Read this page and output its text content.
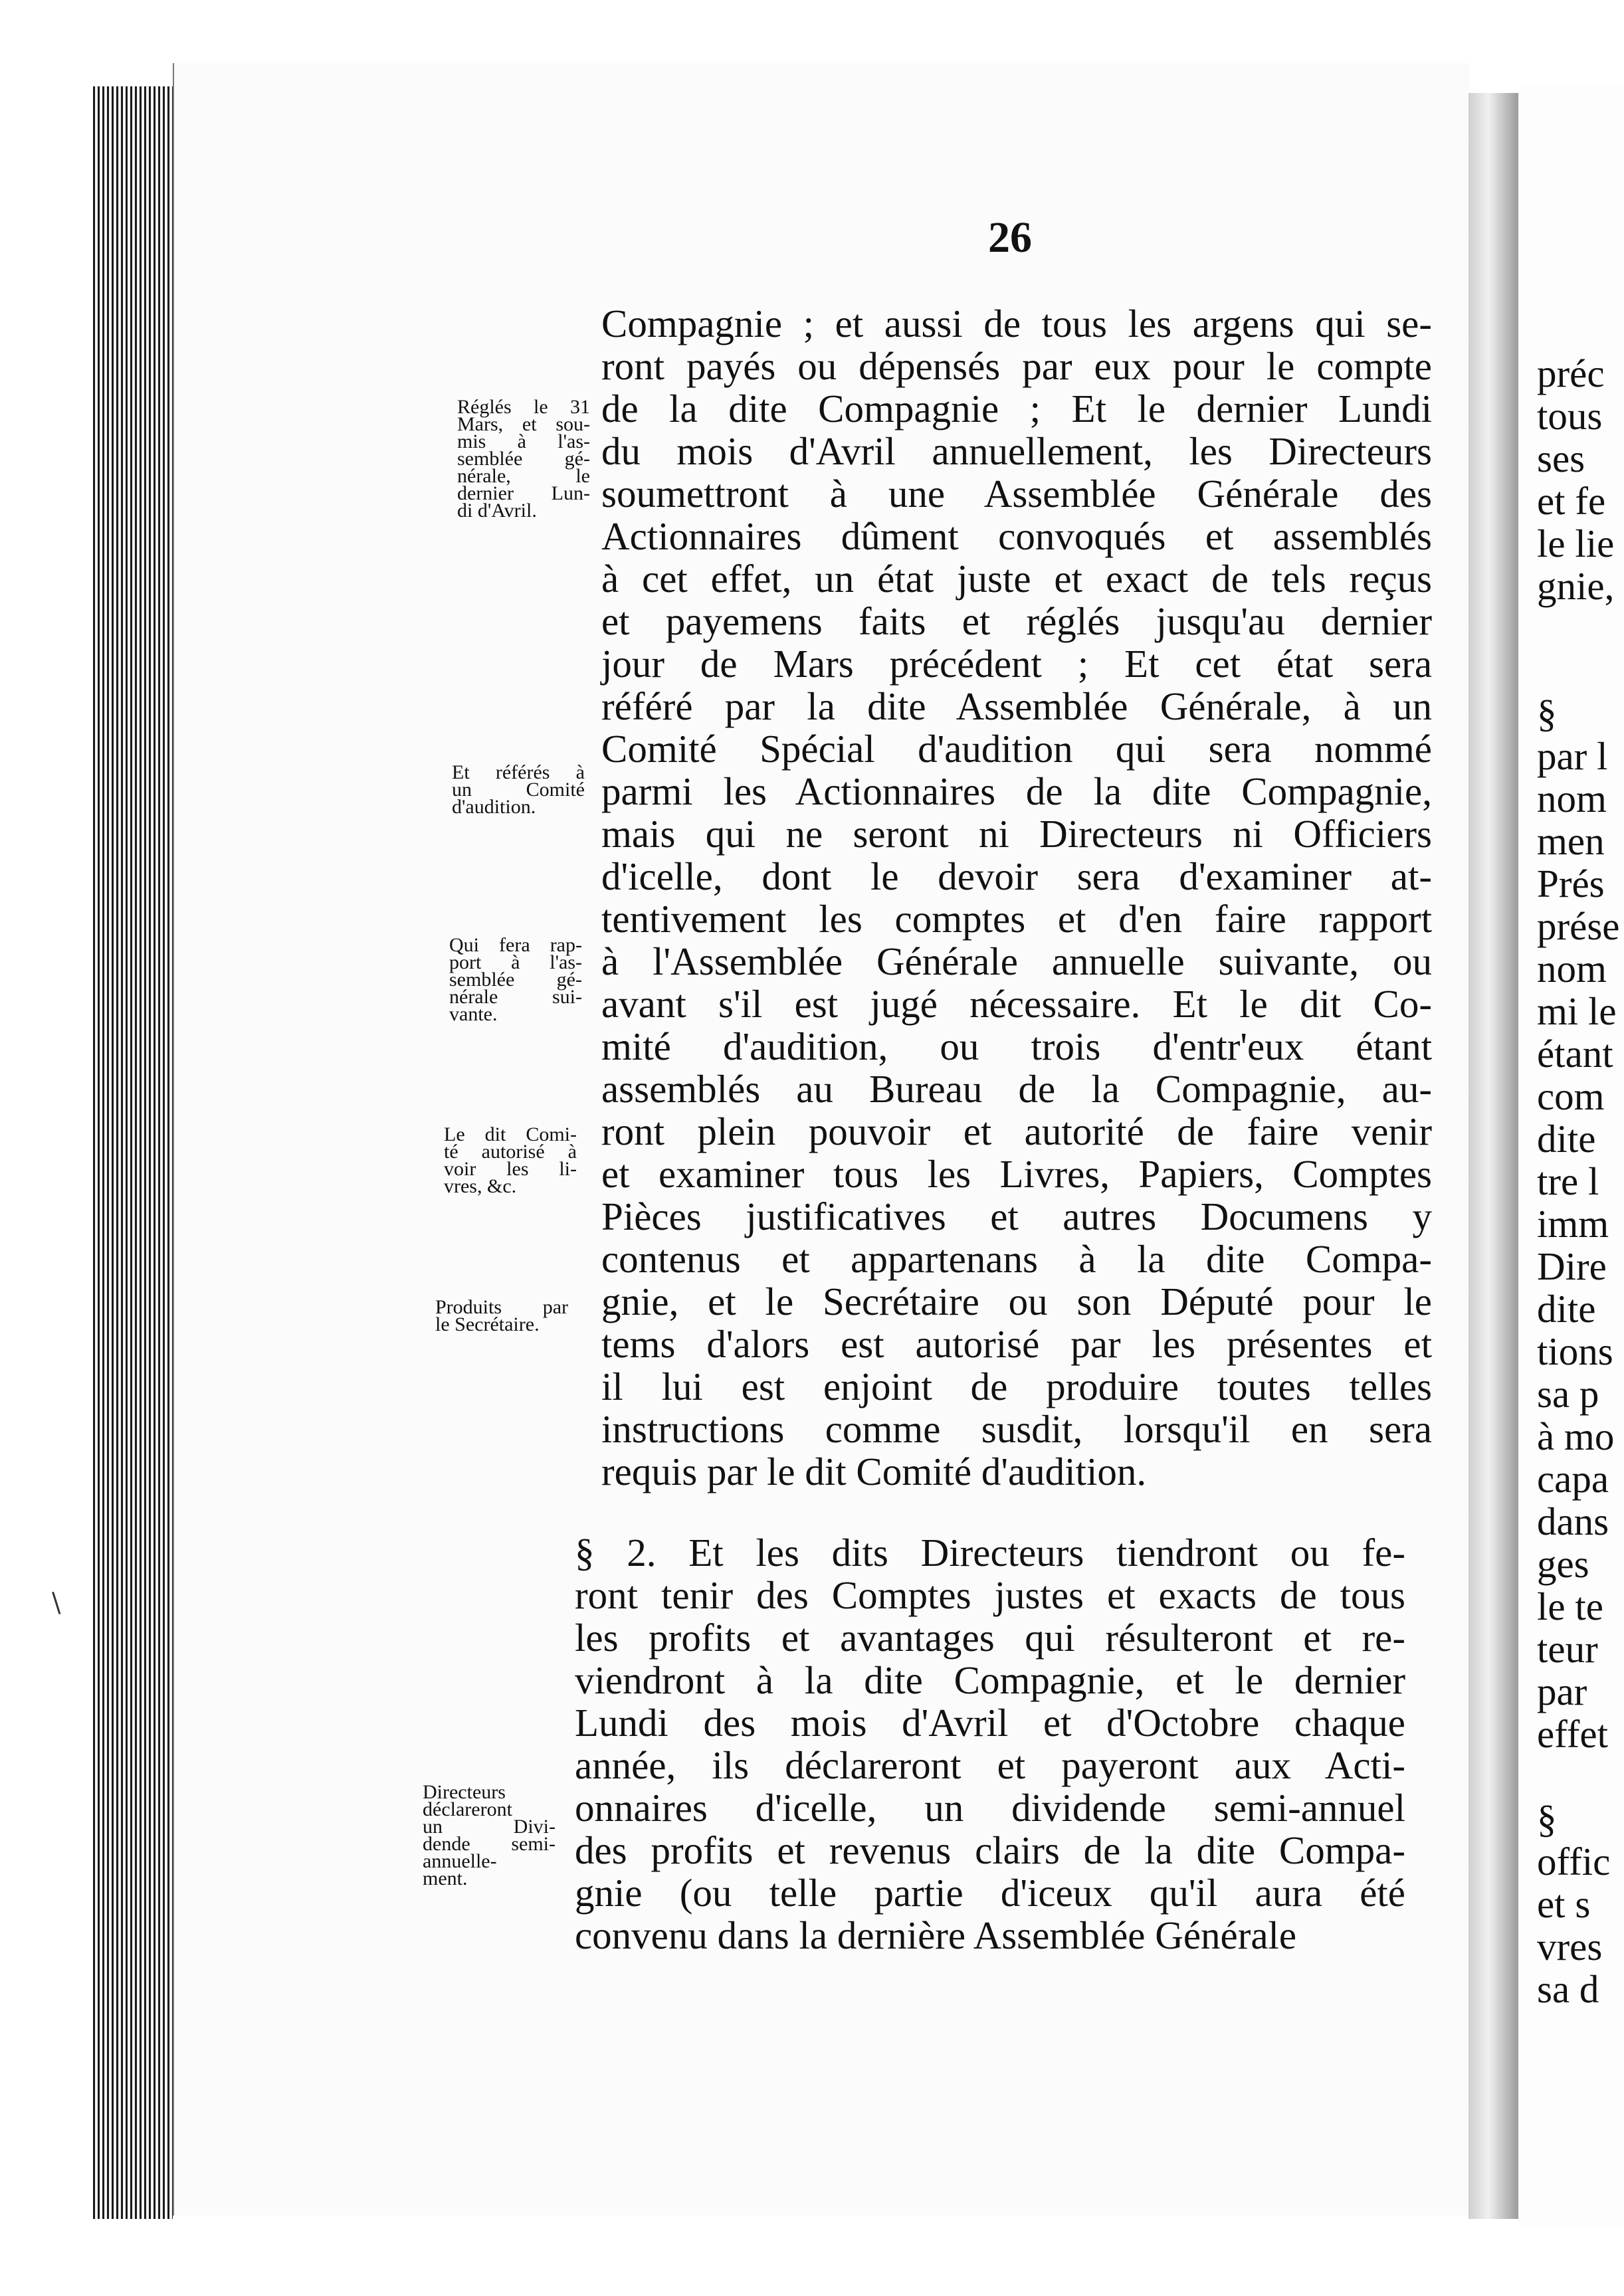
préc
tous
ses
et fe
le lie
gnie,
§
par l
nom
men
Prés
prése
nom
mi le
étant
com
dite
tre l
imm
Dire
dite
tions
sa p
à mo
capa
dans
ges
le te
teur
par
effet
§
offic
et s
vres
sa d
\
26
Compagnie ; et aussi de tous les argens qui se-
ront payés ou dépensés par eux pour le compte
de la dite Compagnie ; Et le dernier Lundi
du mois d'Avril annuellement, les Directeurs
soumettront à une Assemblée Générale des
Actionnaires dûment convoqués et assemblés
à cet effet, un état juste et exact de tels reçus
et payemens faits et réglés jusqu'au dernier
jour de Mars précédent ; Et cet état sera
référé par la dite Assemblée Générale, à un
Comité Spécial d'audition qui sera nommé
parmi les Actionnaires de la dite Compagnie,
mais qui ne seront ni Directeurs ni Officiers
d'icelle, dont le devoir sera d'examiner at-
tentivement les comptes et d'en faire rapport
à l'Assemblée Générale annuelle suivante, ou
avant s'il est jugé nécessaire. Et le dit Co-
mité d'audition, ou trois d'entr'eux étant
assemblés au Bureau de la Compagnie, au-
ront plein pouvoir et autorité de faire venir
et examiner tous les Livres, Papiers, Comptes
Pièces justificatives et autres Documens y
contenus et appartenans à la dite Compa-
gnie, et le Secrétaire ou son Député pour le
tems d'alors est autorisé par les présentes et
il lui est enjoint de produire toutes telles
instructions comme susdit, lorsqu'il en sera
requis par le dit Comité d'audition.
§ 2. Et les dits Directeurs tiendront ou fe-
ront tenir des Comptes justes et exacts de tous
les profits et avantages qui résulteront et re-
viendront à la dite Compagnie, et le dernier
Lundi des mois d'Avril et d'Octobre chaque
année, ils déclareront et payeront aux Acti-
onnaires d'icelle, un dividende semi-annuel
des profits et revenus clairs de la dite Compa-
gnie (ou telle partie d'iceux qu'il aura été
convenu dans la dernière Assemblée Générale
Réglés le 31
Mars, et sou-
mis à l'as-
semblée gé-
nérale, le
dernier Lun-
di d'Avril.
Et référés à
un Comité
d'audition.
Qui fera rap-
port à l'as-
semblée gé-
nérale sui-
vante.
Le dit Comi-
té autorisé à
voir les li-
vres, &c.
Produits par
le Secrétaire.
Directeurs
déclareront
un Divi-
dende semi-
annuelle-
ment.
